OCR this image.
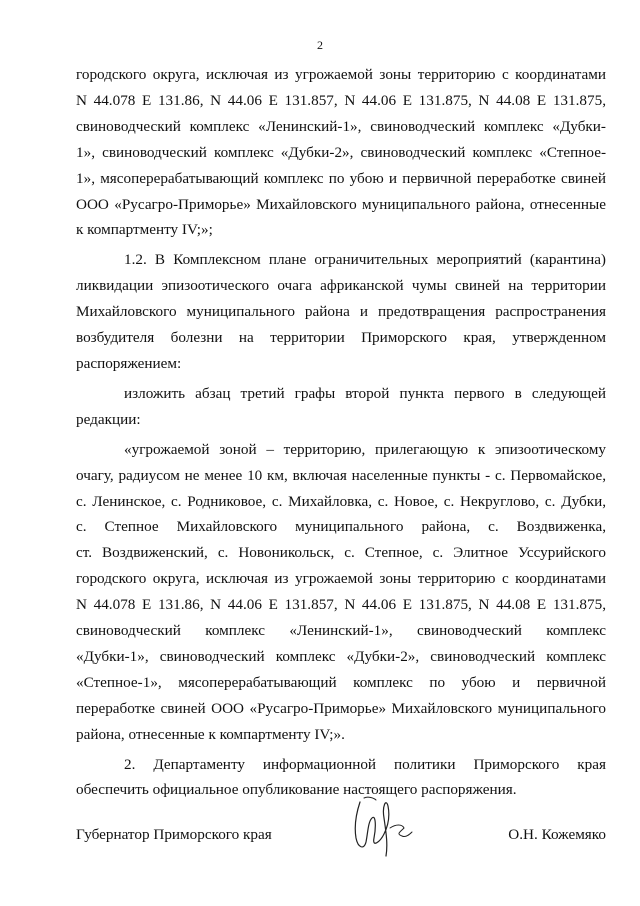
2

городского округа, исключая из угрожаемой зоны территорию с координатами

N 44.078 E 131.86, N 44.06 E 131.857, N 44.06 E 131.875, N 44.08 E 131.875,

свиноводческий комплекс «Ленинский-1», свиноводческий комплекс «Дубки-

1», свиноводческий комплекс «Дубки-2», свиноводческий комплекс «Степное-

1», мясоперерабатывающий комплекс по убою и первичной переработке свиней

ООО «Русагро-Приморье» Михайловского муниципального района, отнесенные

к компартменту IV;»;

1.2. В Комплексном плане ограничительных мероприятий (карантина)

ликвидации эпизоотического очага африканской чумы свиней на территории

Михайловского муниципального района и предотвращения распространения

возбудителя болезни на территории Приморского края, утвержденном

распоряжением:

изложить абзац третий графы второй пункта первого в следующей

редакции:

«угрожаемой зоной – территорию, прилегающую к эпизоотическому

очагу, радиусом не менее 10 км, включая населенные пункты - с. Первомайское,

с. Ленинское, с. Родниковое, с. Михайловка, с. Новое, с. Некруглово, с. Дубки,

с. Степное Михайловского муниципального района, с. Воздвиженка,

ст. Воздвиженский, с. Новоникольск, с. Степное, с. Элитное Уссурийского

городского округа, исключая из угрожаемой зоны территорию с координатами

N 44.078 E 131.86, N 44.06 E 131.857, N 44.06 E 131.875, N 44.08 E 131.875,

свиноводческий комплекс «Ленинский-1», свиноводческий комплекс

«Дубки-1», свиноводческий комплекс «Дубки-2», свиноводческий комплекс

«Степное-1», мясоперерабатывающий комплекс по убою и первичной

переработке свиней ООО «Русагро-Приморье» Михайловского муниципального

района, отнесенные к компартменту IV;».

2. Департаменту информационной политики Приморского края

обеспечить официальное опубликование настоящего распоряжения.

Губернатор Приморского края	О.Н. Кожемяко
